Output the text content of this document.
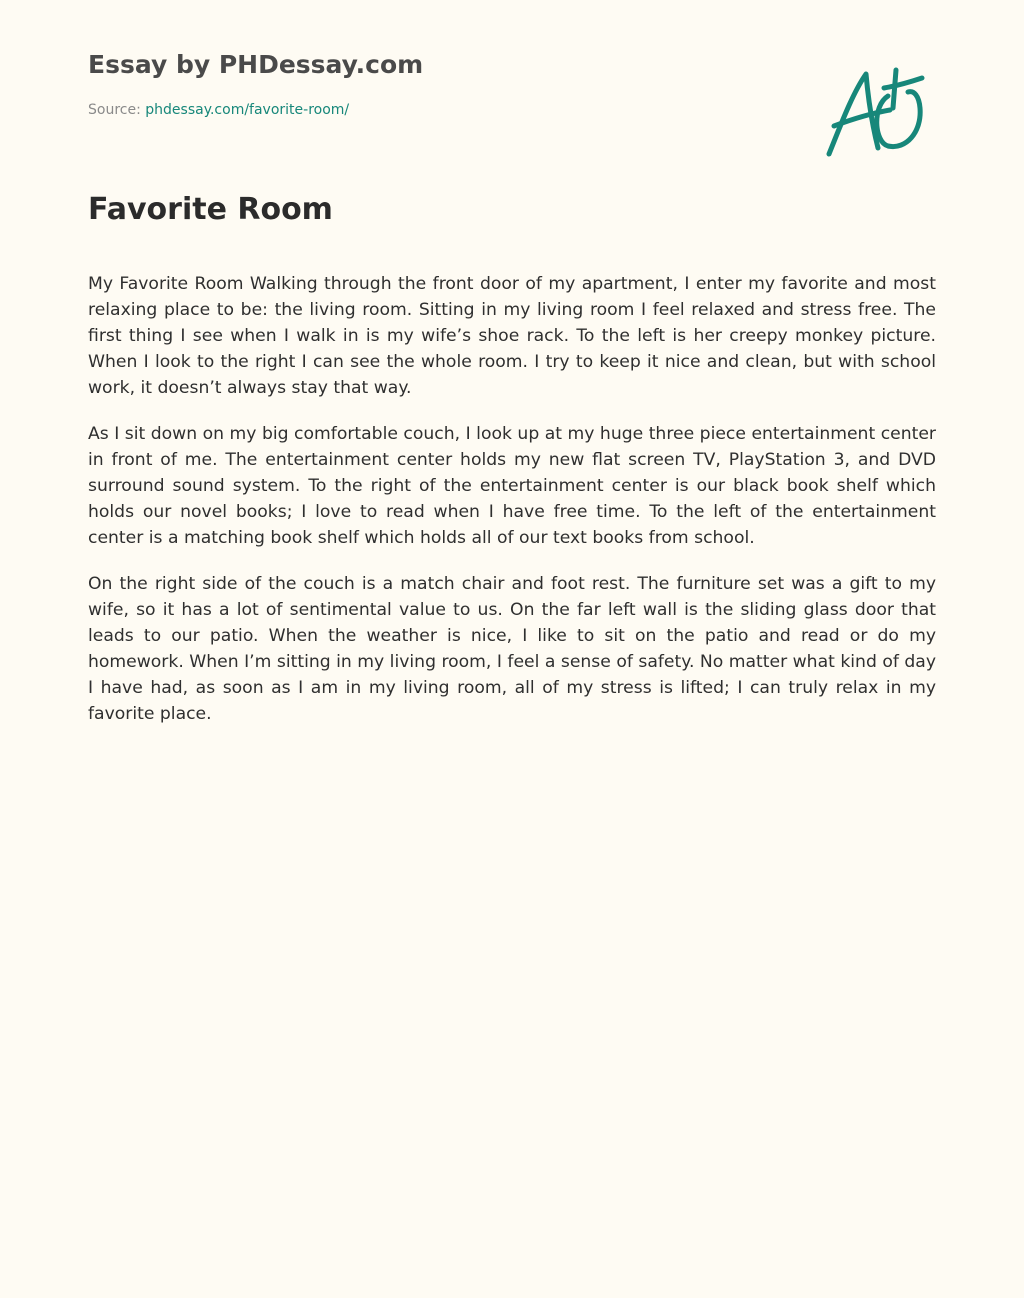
Essay by PHDessay.com
Source: phdessay.com/favorite-room/
Favorite Room

My Favorite Room Walking through the front door of my apartment, I enter my favorite and most relaxing place to be: the living room. Sitting in my living room I feel relaxed and stress free. The first thing I see when I walk in is my wife’s shoe rack. To the left is her creepy monkey picture. When I look to the right I can see the whole room. I try to keep it nice and clean, but with school work, it doesn’t always stay that way.

As I sit down on my big comfortable couch, I look up at my huge three piece entertainment center in front of me. The entertainment center holds my new flat screen TV, PlayStation 3, and DVD surround sound system. To the right of the entertainment center is our black book shelf which holds our novel books; I love to read when I have free time. To the left of the entertainment center is a matching book shelf which holds all of our text books from school.

On the right side of the couch is a match chair and foot rest. The furniture set was a gift to my wife, so it has a lot of sentimental value to us. On the far left wall is the sliding glass door that leads to our patio. When the weather is nice, I like to sit on the patio and read or do my homework. When I’m sitting in my living room, I feel a sense of safety. No matter what kind of day I have had, as soon as I am in my living room, all of my stress is lifted; I can truly relax in my favorite place.
